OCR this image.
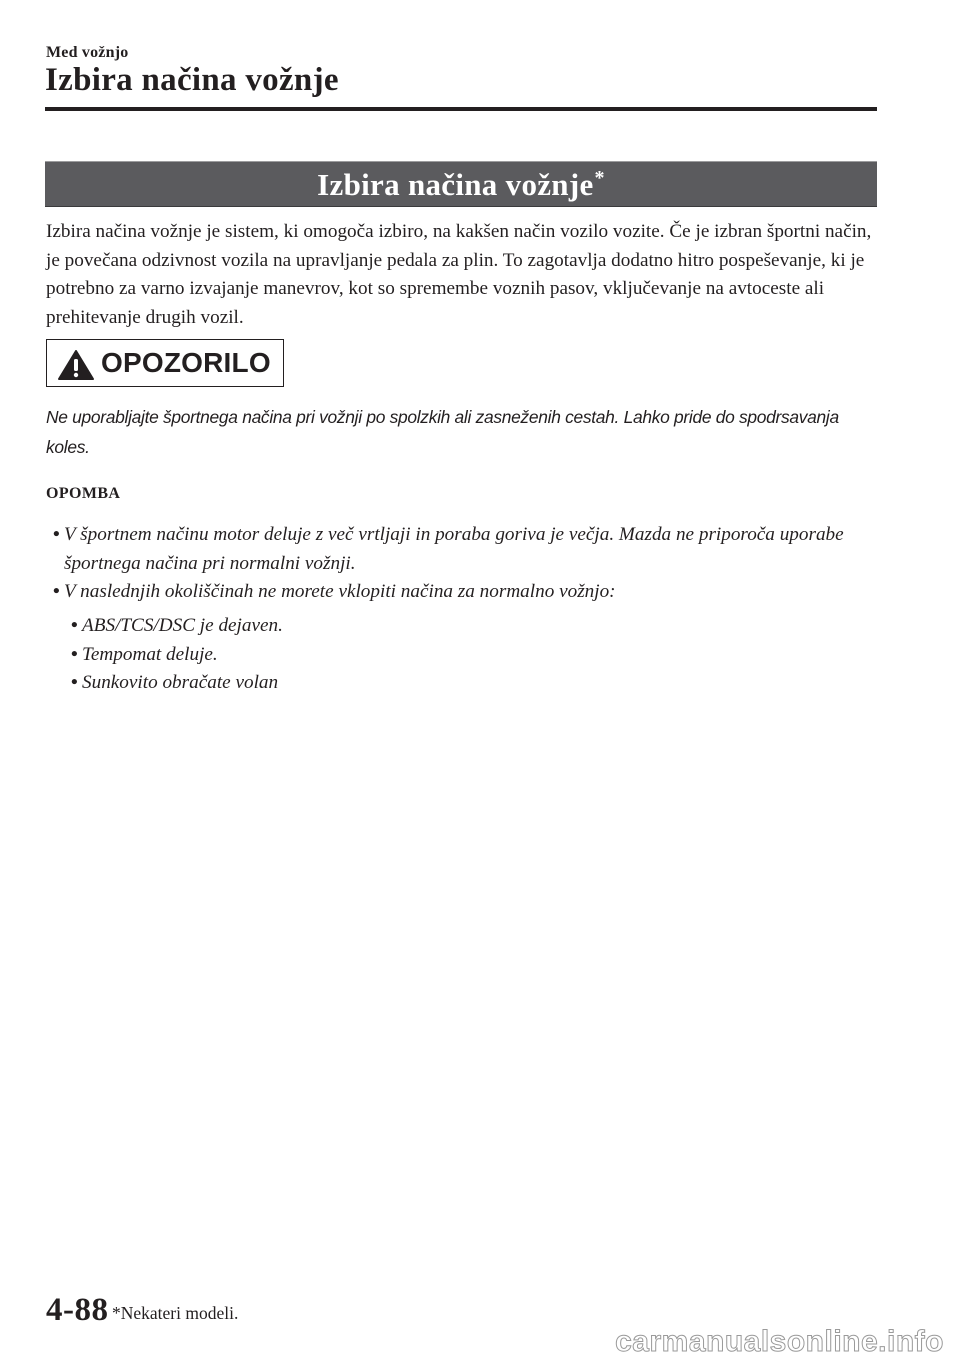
Med vožnjo
Izbira načina vožnje
Izbira načina vožnje*

Izbira načina vožnje je sistem, ki omogoča izbiro, na kakšen način vozilo vozite. Če je izbran športni način, je povečana odzivnost vozila na upravljanje pedala za plin. To zagotavlja dodatno hitro pospeševanje, ki je potrebno za varno izvajanje manevrov, kot so spremembe voznih pasov, vključevanje na avtoceste ali prehitevanje drugih vozil.

OPOZORILO

Ne uporabljajte športnega načina pri vožnji po spolzkih ali zasneženih cestah. Lahko pride do spodrsavanja koles.

OPOMBA
• V športnem načinu motor deluje z več vrtljaji in poraba goriva je večja. Mazda ne priporoča uporabe športnega načina pri normalni vožnji.
• V naslednjih okoliščinah ne morete vklopiti načina za normalno vožnjo:
• ABS/TCS/DSC je dejaven.
• Tempomat deluje.
• Sunkovito obračate volan
4-88 *Nekateri modeli.
carmanualsonline.info
